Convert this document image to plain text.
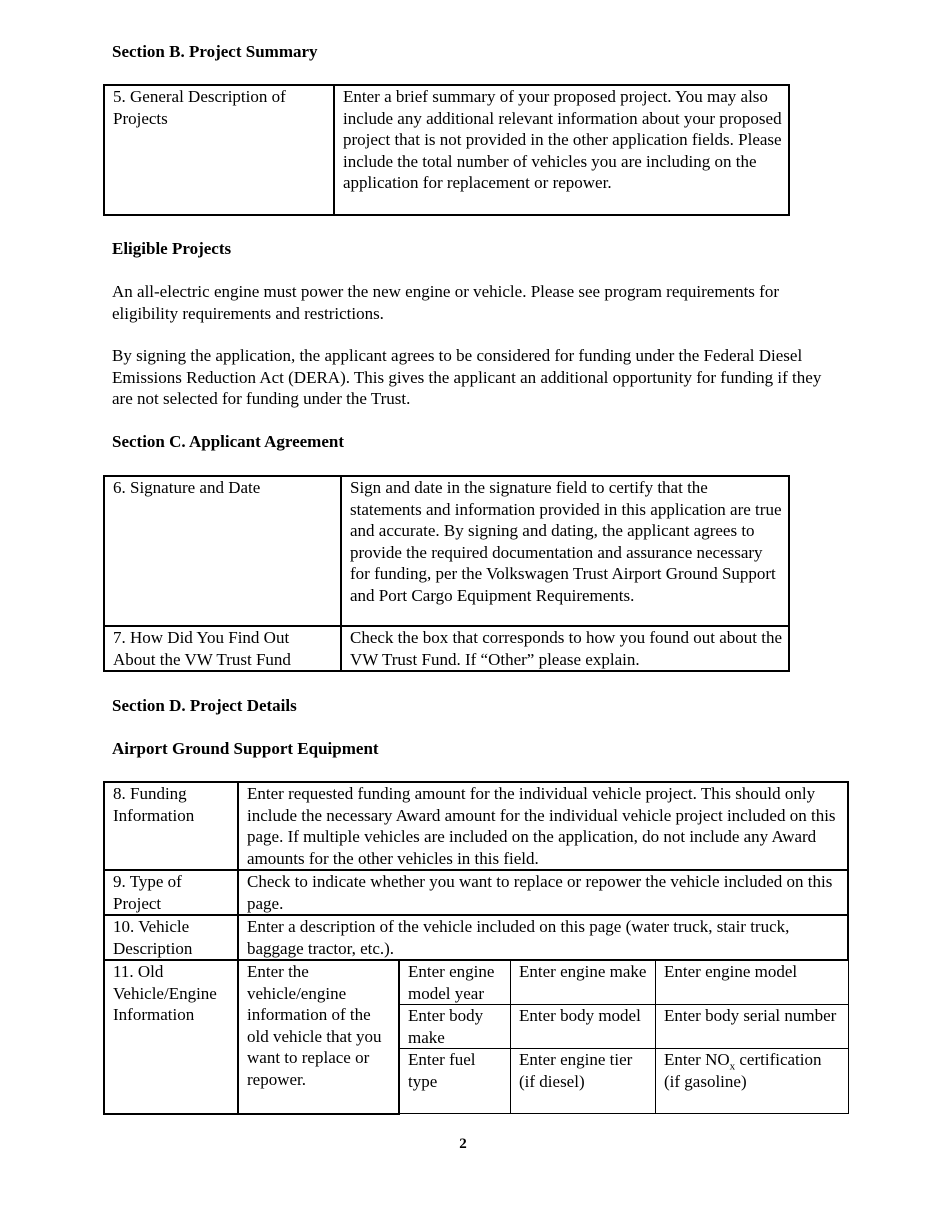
Section B. Project Summary
5. General Description of Projects	Enter a brief summary of your proposed project. You may also include any additional relevant information about your proposed project that is not provided in the other application fields. Please include the total number of vehicles you are including on the application for replacement or repower.
Eligible Projects
An all-electric engine must power the new engine or vehicle. Please see program requirements for eligibility requirements and restrictions.
By signing the application, the applicant agrees to be considered for funding under the Federal Diesel Emissions Reduction Act (DERA). This gives the applicant an additional opportunity for funding if they are not selected for funding under the Trust.
Section C. Applicant Agreement
6. Signature and Date	Sign and date in the signature field to certify that the statements and information provided in this application are true and accurate. By signing and dating, the applicant agrees to provide the required documentation and assurance necessary for funding, per the Volkswagen Trust Airport Ground Support and Port Cargo Equipment Requirements.
7. How Did You Find Out About the VW Trust Fund	Check the box that corresponds to how you found out about the VW Trust Fund. If “Other” please explain.
Section D. Project Details
Airport Ground Support Equipment
8. Funding Information	Enter requested funding amount for the individual vehicle project. This should only include the necessary Award amount for the individual vehicle project included on this page. If multiple vehicles are included on the application, do not include any Award amounts for the other vehicles in this field.			
9. Type of Project	Check to indicate whether you want to replace or repower the vehicle included on this page.			
10. Vehicle Description	Enter a description of the vehicle included on this page (water truck, stair truck, baggage tractor, etc.).			
11. Old Vehicle/Engine Information	Enter the vehicle/engine information of the old vehicle that you want to replace or repower.	Enter engine model year	Enter engine make	Enter engine model
		Enter body make	Enter body model	Enter body serial number
		Enter fuel type	Enter engine tier (if diesel)	Enter $NO_x$ certification (if gasoline)
2
